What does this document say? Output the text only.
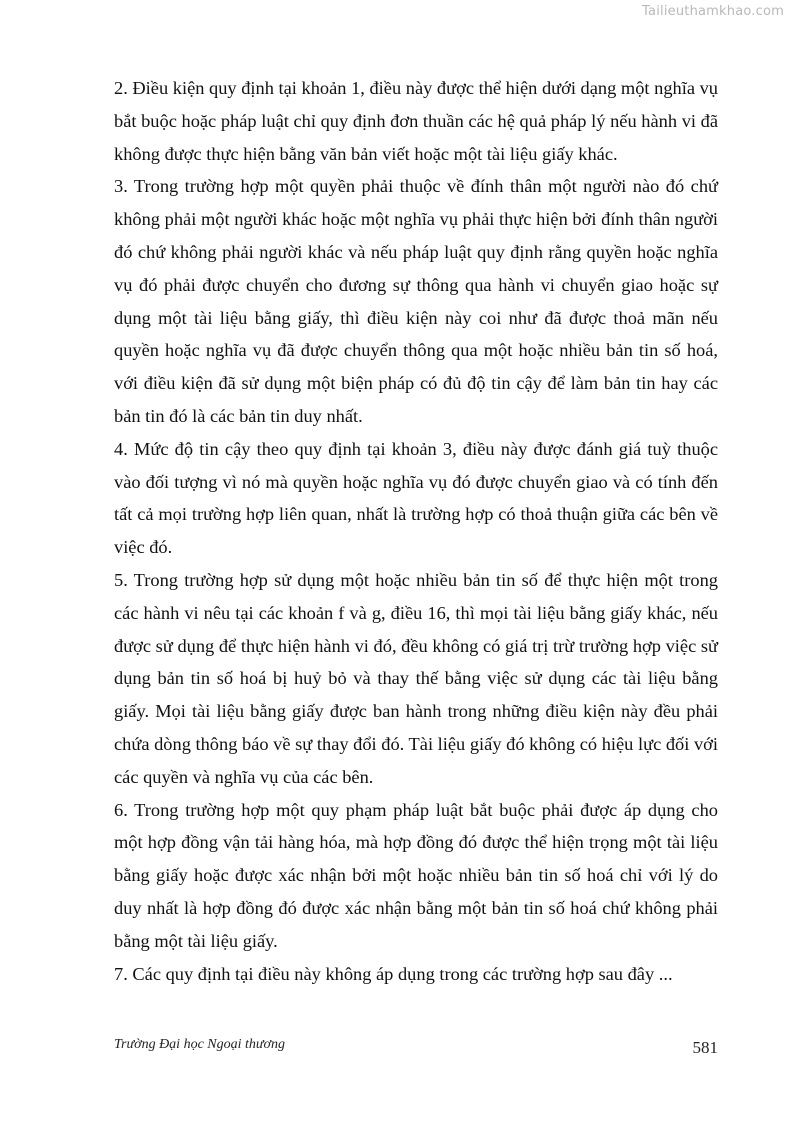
Tailieuthamkhao.com

2. Điều kiện quy định tại khoản 1, điều này được thể hiện dưới dạng một nghĩa vụ bắt buộc hoặc pháp luật chỉ quy định đơn thuần các hệ quả pháp lý nếu hành vi đã không được thực hiện bằng văn bản viết hoặc một tài liệu giấy khác.

3. Trong trường hợp một quyền phải thuộc về đính thân một người nào đó chứ không phải một người khác hoặc một nghĩa vụ phải thực hiện bởi đính thân người đó chứ không phải người khác và nếu pháp luật quy định rằng quyền hoặc nghĩa vụ đó phải được chuyển cho đương sự thông qua hành vi chuyển giao hoặc sự dụng một tài liệu bằng giấy, thì điều kiện này coi như đã được thoả mãn nếu quyền hoặc nghĩa vụ đã được chuyển thông qua một hoặc nhiều bản tin số hoá, với điều kiện đã sử dụng một biện pháp có đủ độ tin cậy để làm bản tin hay các bản tin đó là các bản tin duy nhất.

4. Mức độ tin cậy theo quy định tại khoản 3, điều này được đánh giá tuỳ thuộc vào đối tượng vì nó mà quyền hoặc nghĩa vụ đó được chuyển giao và có tính đến tất cả mọi trường hợp liên quan, nhất là trường hợp có thoả thuận giữa các bên về việc đó.

5. Trong trường hợp sử dụng một hoặc nhiều bản tin số để thực hiện một trong các hành vi nêu tại các khoản f và g, điều 16, thì mọi tài liệu bằng giấy khác, nếu được sử dụng để thực hiện hành vi đó, đều không có giá trị trừ trường hợp việc sử dụng bản tin số hoá bị huỷ bỏ và thay thế bằng việc sử dụng các tài liệu bằng giấy. Mọi tài liệu bằng giấy được ban hành trong những điều kiện này đều phải chứa dòng thông báo về sự thay đổi đó. Tài liệu giấy đó không có hiệu lực đối với các quyền và nghĩa vụ của các bên.

6. Trong trường hợp một quy phạm pháp luật bắt buộc phải được áp dụng cho một hợp đồng vận tải hàng hóa, mà hợp đồng đó được thể hiện trọng một tài liệu bằng giấy hoặc được xác nhận bởi một hoặc nhiều bản tin số hoá chỉ với lý do duy nhất là hợp đồng đó được xác nhận bằng một bản tin số hoá chứ không phải bằng một tài liệu giấy.

7. Các quy định tại điều này không áp dụng trong các trường hợp sau đây ...

Trường Đại học Ngoại thương	581
